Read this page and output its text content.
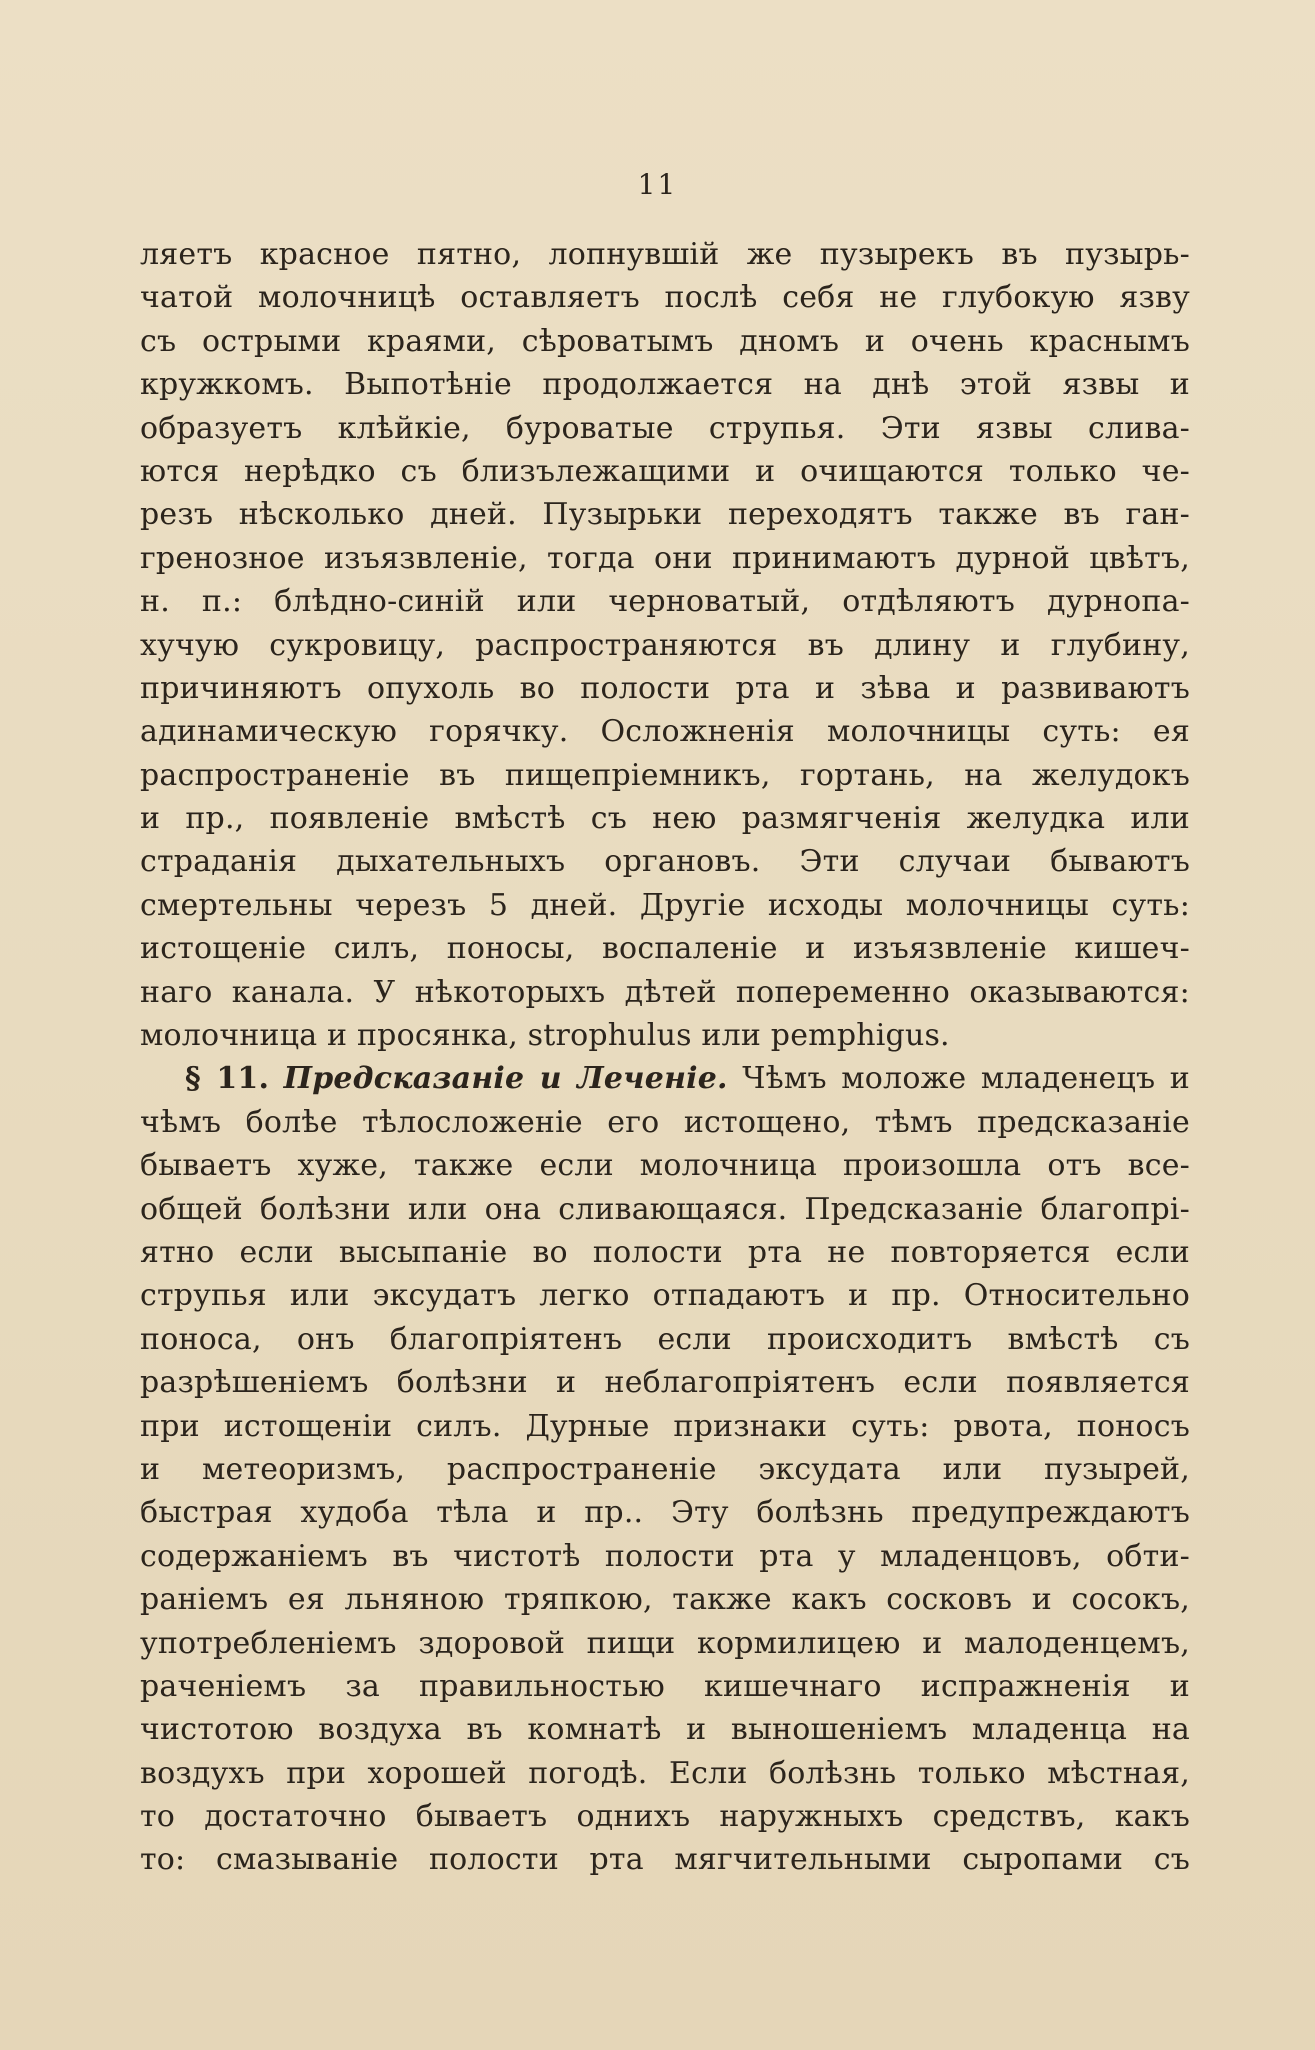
11
ляетъ красное пятно, лопнувшій же пузырекъ въ пузырь-
чатой молочницѣ оставляетъ послѣ себя не глубокую язву
съ острыми краями, сѣроватымъ дномъ и очень краснымъ
кружкомъ. Выпотѣніе продолжается на днѣ этой язвы и
образуетъ клѣйкіе, буроватые струпья. Эти язвы слива-
ются нерѣдко съ близълежащими и очищаются только че-
резъ нѣсколько дней. Пузырьки переходятъ также въ ган-
гренозное изъязвленіе, тогда они принимаютъ дурной цвѣтъ,
н. п.: блѣдно-синій или черноватый, отдѣляютъ дурнопа-
хучую сукровицу, распространяются въ длину и глубину,
причиняютъ опухоль во полости рта и зѣва и развиваютъ
адинамическую горячку. Осложненія молочницы суть: ея
распространеніе въ пищепріемникъ, гортань, на желудокъ
и пр., появленіе вмѣстѣ съ нею размягченія желудка или
страданія дыхательныхъ органовъ. Эти случаи бываютъ
смертельны черезъ 5 дней. Другіе исходы молочницы суть:
истощеніе силъ, поносы, воспаленіе и изъязвленіе кишеч-
наго канала. У нѣкоторыхъ дѣтей попеременно оказываются:
молочница и просянка, strophulus или pemphigus.
§ 11. Предсказаніе и Леченіе. Чѣмъ моложе младенецъ и
чѣмъ болѣе тѣлосложеніе его истощено, тѣмъ предсказаніе
бываетъ хуже, также если молочница произошла отъ все-
общей болѣзни или она сливающаяся. Предсказаніе благопрі-
ятно если высыпаніе во полости рта не повторяется если
струпья или эксудатъ легко отпадаютъ и пр. Относительно
поноса, онъ благопріятенъ если происходитъ вмѣстѣ съ
разрѣшеніемъ болѣзни и неблагопріятенъ если появляется
при истощеніи силъ. Дурные признаки суть: рвота, поносъ
и метеоризмъ, распространеніе эксудата или пузырей,
быстрая худоба тѣла и пр.. Эту болѣзнь предупреждаютъ
содержаніемъ въ чистотѣ полости рта у младенцовъ, обти-
раніемъ ея льняною тряпкою, также какъ сосковъ и сосокъ,
употребленіемъ здоровой пищи кормилицею и малоденцемъ,
раченіемъ за правильностью кишечнаго испражненія и
чистотою воздуха въ комнатѣ и выношеніемъ младенца на
воздухъ при хорошей погодѣ. Если болѣзнь только мѣстная,
то достаточно бываетъ однихъ наружныхъ средствъ, какъ
то: смазываніе полости рта мягчительными сыропами съ
